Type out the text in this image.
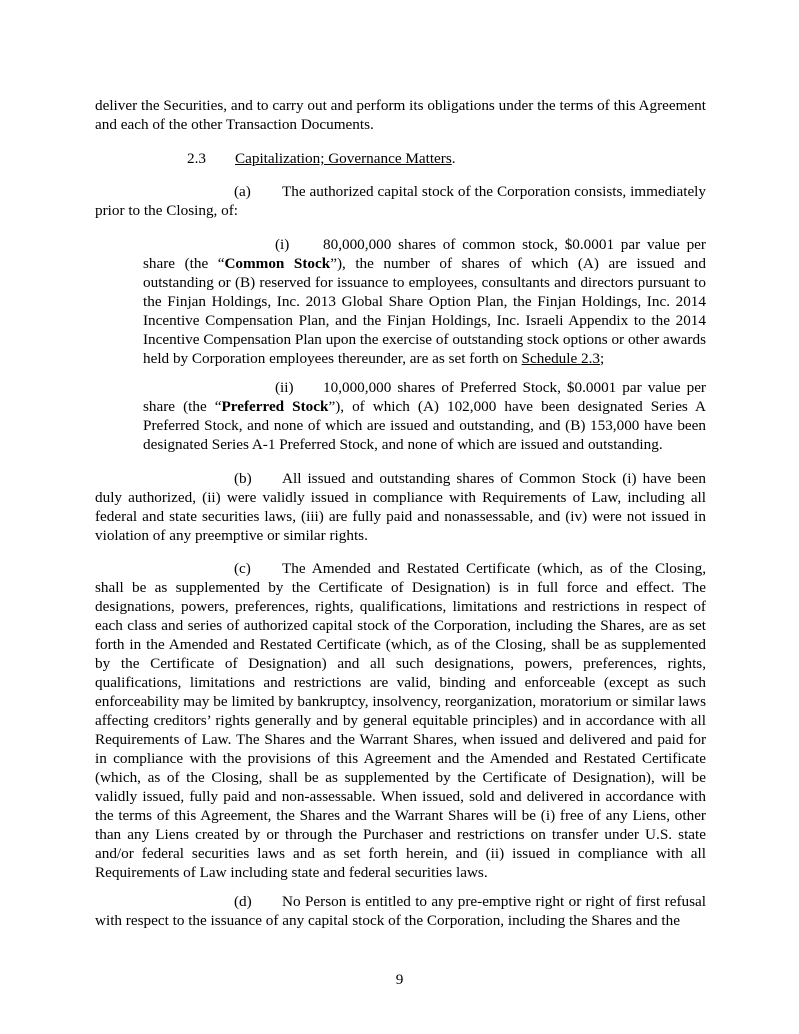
deliver the Securities, and to carry out and perform its obligations under the terms of this Agreement and each of the other Transaction Documents.

2.3 Capitalization; Governance Matters.

(a) The authorized capital stock of the Corporation consists, immediately prior to the Closing, of:

(i) 80,000,000 shares of common stock, $0.0001 par value per share (the “Common Stock”), the number of shares of which (A) are issued and outstanding or (B) reserved for issuance to employees, consultants and directors pursuant to the Finjan Holdings, Inc. 2013 Global Share Option Plan, the Finjan Holdings, Inc. 2014 Incentive Compensation Plan, and the Finjan Holdings, Inc. Israeli Appendix to the 2014 Incentive Compensation Plan upon the exercise of outstanding stock options or other awards held by Corporation employees thereunder, are as set forth on Schedule 2.3;

(ii) 10,000,000 shares of Preferred Stock, $0.0001 par value per share (the “Preferred Stock”), of which (A) 102,000 have been designated Series A Preferred Stock, and none of which are issued and outstanding, and (B) 153,000 have been designated Series A-1 Preferred Stock, and none of which are issued and outstanding.

(b) All issued and outstanding shares of Common Stock (i) have been duly authorized, (ii) were validly issued in compliance with Requirements of Law, including all federal and state securities laws, (iii) are fully paid and nonassessable, and (iv) were not issued in violation of any preemptive or similar rights.

(c) The Amended and Restated Certificate (which, as of the Closing, shall be as supplemented by the Certificate of Designation) is in full force and effect. The designations, powers, preferences, rights, qualifications, limitations and restrictions in respect of each class and series of authorized capital stock of the Corporation, including the Shares, are as set forth in the Amended and Restated Certificate (which, as of the Closing, shall be as supplemented by the Certificate of Designation) and all such designations, powers, preferences, rights, qualifications, limitations and restrictions are valid, binding and enforceable (except as such enforceability may be limited by bankruptcy, insolvency, reorganization, moratorium or similar laws affecting creditors’ rights generally and by general equitable principles) and in accordance with all Requirements of Law. The Shares and the Warrant Shares, when issued and delivered and paid for in compliance with the provisions of this Agreement and the Amended and Restated Certificate (which, as of the Closing, shall be as supplemented by the Certificate of Designation), will be validly issued, fully paid and non-assessable. When issued, sold and delivered in accordance with the terms of this Agreement, the Shares and the Warrant Shares will be (i) free of any Liens, other than any Liens created by or through the Purchaser and restrictions on transfer under U.S. state and/or federal securities laws and as set forth herein, and (ii) issued in compliance with all Requirements of Law including state and federal securities laws.

(d) No Person is entitled to any pre-emptive right or right of first refusal with respect to the issuance of any capital stock of the Corporation, including the Shares and the

9
